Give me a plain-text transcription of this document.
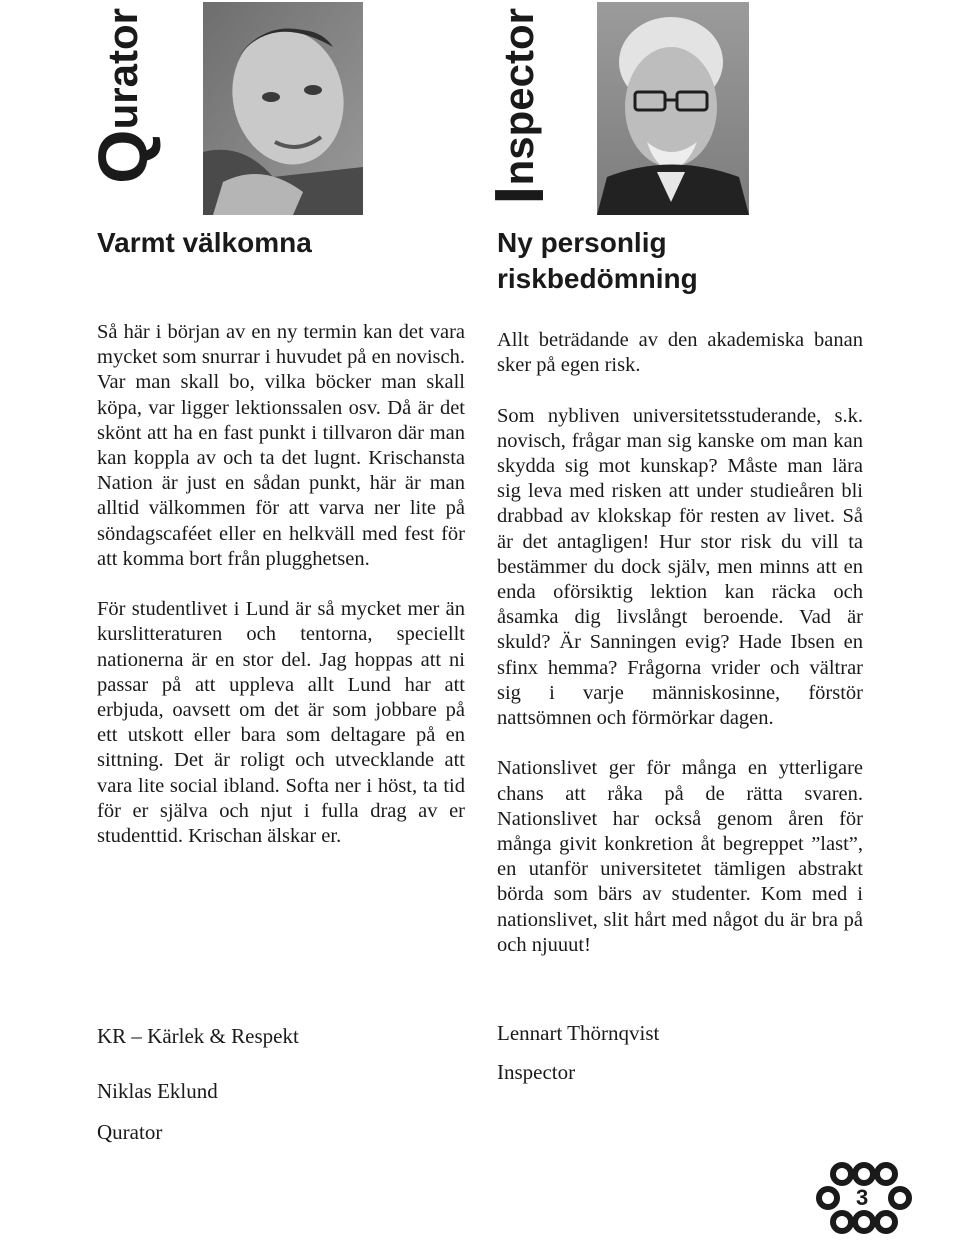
Qurator
Varmt välkomna

Så här i början av en ny termin kan det vara mycket som snurrar i huvudet på en novisch. Var man skall bo, vilka böcker man skall köpa, var ligger lektionssalen osv. Då är det skönt att ha en fast punkt i tillvaron där man kan koppla av och ta det lugnt. Krischansta Nation är just en sådan punkt, här är man alltid välkommen för att varva ner lite på söndagscaféet eller en helkväll med fest för att komma bort från plugghetsen.

För studentlivet i Lund är så mycket mer än kurslitteraturen och tentorna, speciellt nationerna är en stor del. Jag hoppas att ni passar på att uppleva allt Lund har att erbjuda, oavsett om det är som jobbare på ett utskott eller bara som deltagare på en sittning. Det är roligt och utvecklande att vara lite social ibland. Softa ner i höst, ta tid för er själva och njut i fulla drag av er studenttid. Krischan älskar er.

KR – Kärlek & Respekt

Niklas Eklund

Qurator

Inspector
Ny personlig
riskbedömning

Allt beträdande av den akademiska banan sker på egen risk.

Som nybliven universitetsstuderande, s.k. novisch, frågar man sig kanske om man kan skydda sig mot kunskap? Måste man lära sig leva med risken att under studieåren bli drabbad av klokskap för resten av livet. Så är det antagligen! Hur stor risk du vill ta bestämmer du dock själv, men minns att en enda oförsiktig lektion kan räcka och åsamka dig livslångt beroende. Vad är skuld? Är Sanningen evig? Hade Ibsen en sfinx hemma? Frågorna vrider och vältrar sig i varje människosinne, förstör nattsömnen och förmörkar dagen.

Nationslivet ger för många en ytterligare chans att råka på de rätta svaren. Nationslivet har också genom åren för många givit konkretion åt begreppet ”last”, en utanför universitetet tämligen abstrakt börda som bärs av studenter. Kom med i nationslivet, slit hårt med något du är bra på och njuuut!

Lennart Thörnqvist

Inspector

3
